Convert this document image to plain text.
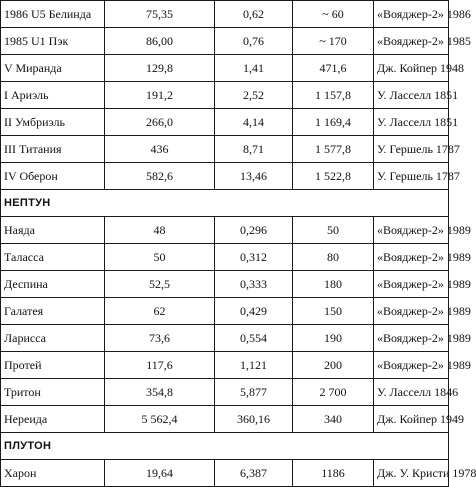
1986 U5 Белинда	75,35	0,62	~ 60	«Вояджер-2» 1986
1985 U1 Пэк	86,00	0,76	~ 170	«Вояджер-2» 1985
V Миранда	129,8	1,41	471,6	Дж. Койпер 1948
I Ариэль	191,2	2,52	1 157,8	У. Ласселл 1851
II Умбриэль	266,0	4,14	1 169,4	У. Ласселл 1851
III Титания	436	8,71	1 577,8	У. Гершель 1787
IV Оберон	582,6	13,46	1 522,8	У. Гершель 1787
НЕПТУН				
Наяда	48	0,296	50	«Вояджер-2» 1989
Таласса	50	0,312	80	«Вояджер-2» 1989
Деспина	52,5	0,333	180	«Вояджер-2» 1989
Галатея	62	0,429	150	«Вояджер-2» 1989
Ларисса	73,6	0,554	190	«Вояджер-2» 1989
Протей	117,6	1,121	200	«Вояджер-2» 1989
Тритон	354,8	5,877	2 700	У. Ласселл 1846
Нереида	5 562,4	360,16	340	Дж. Койпер 1949
ПЛУТОН				
Харон	19,64	6,387	1186	Дж. У. Кристи 1978
